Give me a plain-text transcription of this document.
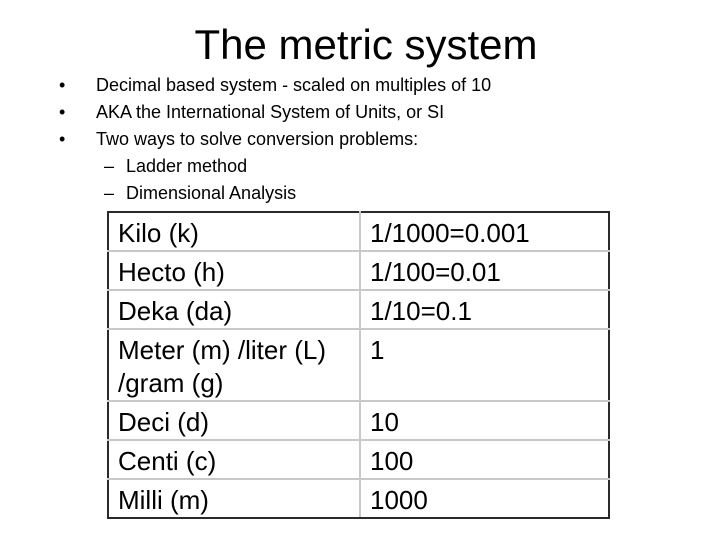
The metric system
• Decimal based system - scaled on multiples of 10
• AKA the International System of Units, or SI
• Two ways to solve conversion problems:
– Ladder method
– Dimensional Analysis
Kilo (k)	1/1000=0.001
Hecto (h)	1/100=0.01
Deka (da)	1/10=0.1
Meter (m) /liter (L) /gram (g)	1
Deci (d)	10
Centi (c)	100
Milli (m)	1000
